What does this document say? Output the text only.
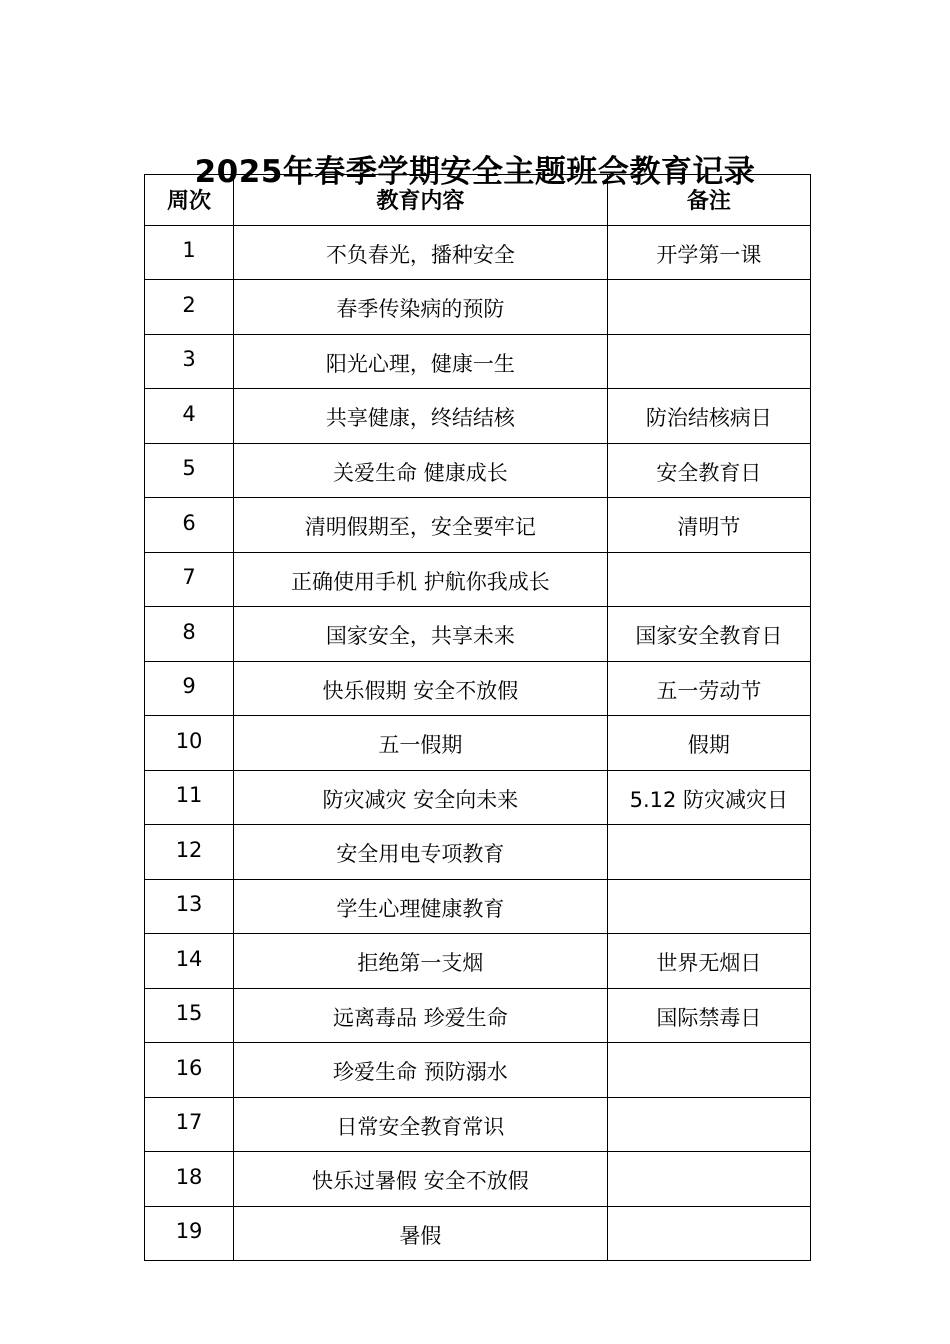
2025年春季学期安全主题班会教育记录
周次	教育内容	备注
1	不负春光，播种安全	开学第一课
2	春季传染病的预防	
3	阳光心理，健康一生	
4	共享健康，终结结核	防治结核病日
5	关爱生命 健康成长	安全教育日
6	清明假期至，安全要牢记	清明节
7	正确使用手机 护航你我成长	
8	国家安全，共享未来	国家安全教育日
9	快乐假期 安全不放假	五一劳动节
10	五一假期	假期
11	防灾减灾 安全向未来	5.12 防灾减灾日
12	安全用电专项教育	
13	学生心理健康教育	
14	拒绝第一支烟	世界无烟日
15	远离毒品 珍爱生命	国际禁毒日
16	珍爱生命 预防溺水	
17	日常安全教育常识	
18	快乐过暑假 安全不放假	
19	暑假	
